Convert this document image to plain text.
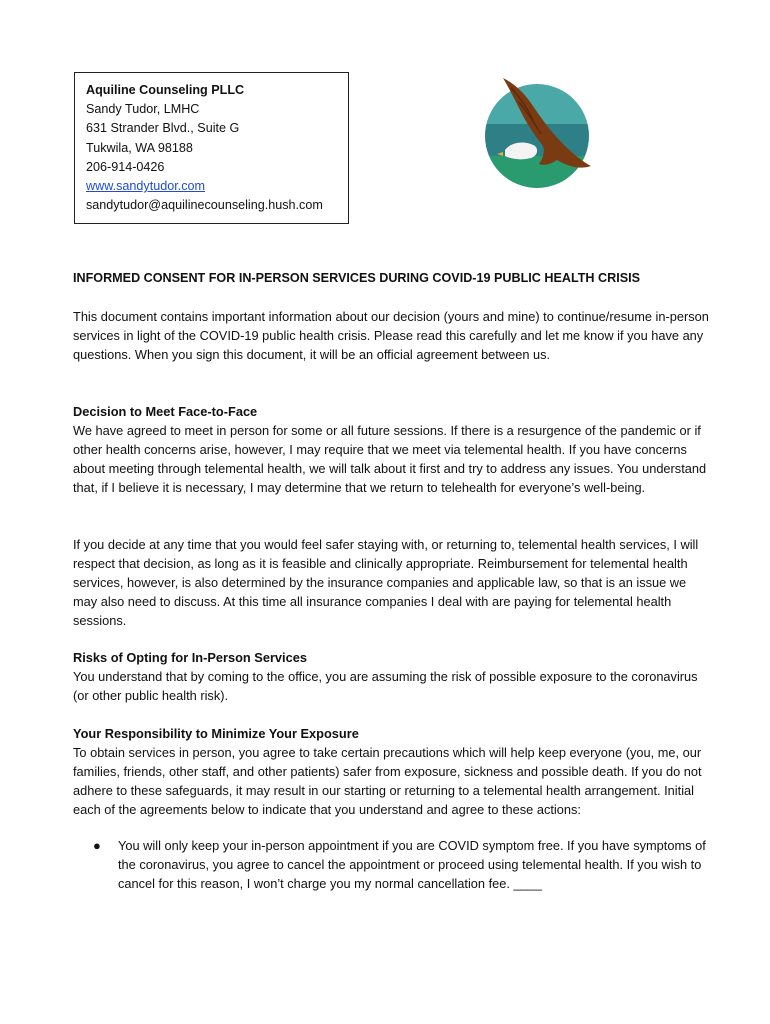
Aquiline Counseling PLLC
Sandy Tudor, LMHC
631 Strander Blvd., Suite G
Tukwila, WA 98188
206-914-0426
www.sandytudor.com
sandytudor@aquilinecounseling.hush.com
INFORMED CONSENT FOR IN-PERSON SERVICES DURING COVID-19 PUBLIC HEALTH CRISIS

This document contains important information about our decision (yours and mine) to continue/resume in-person services in light of the COVID-19 public health crisis. Please read this carefully and let me know if you have any questions. When you sign this document, it will be an official agreement between us.

Decision to Meet Face-to-Face

We have agreed to meet in person for some or all future sessions. If there is a resurgence of the pandemic or if other health concerns arise, however, I may require that we meet via telemental health. If you have concerns about meeting through telemental health, we will talk about it first and try to address any issues. You understand that, if I believe it is necessary, I may determine that we return to telehealth for everyone’s well-being.

If you decide at any time that you would feel safer staying with, or returning to, telemental health services, I will respect that decision, as long as it is feasible and clinically appropriate. Reimbursement for telemental health services, however, is also determined by the insurance companies and applicable law, so that is an issue we may also need to discuss. At this time all insurance companies I deal with are paying for telemental health sessions.

Risks of Opting for In-Person Services

You understand that by coming to the office, you are assuming the risk of possible exposure to the coronavirus (or other public health risk).

Your Responsibility to Minimize Your Exposure

To obtain services in person, you agree to take certain precautions which will help keep everyone (you, me, our families, friends, other staff, and other patients) safer from exposure, sickness and possible death. If you do not adhere to these safeguards, it may result in our starting or returning to a telemental health arrangement. Initial each of the agreements below to indicate that you understand and agree to these actions:

●	You will only keep your in-person appointment if you are COVID symptom free. If you have symptoms of the coronavirus, you agree to cancel the appointment or proceed using telemental health. If you wish to cancel for this reason, I won’t charge you my normal cancellation fee. ____
